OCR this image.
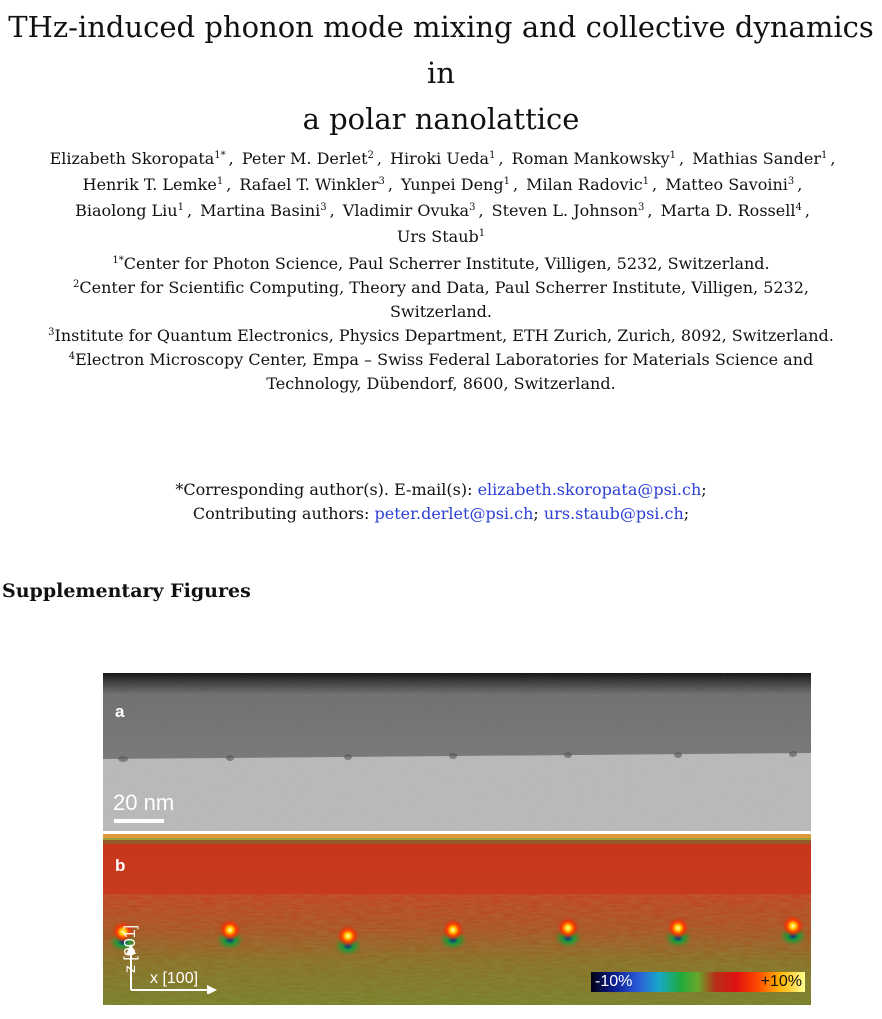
THz-induced phonon mode mixing and collective dynamics in
a polar nanolattice
Elizabeth Skoropata$^{1*}$ , Peter M. Derlet$^2$ , Hiroki Ueda$^1$ , Roman Mankowsky$^1$ , Mathias Sander$^1$ , Henrik T. Lemke$^1$ , Rafael T. Winkler$^3$ , Yunpei Deng$^1$ , Milan Radovic$^1$ , Matteo Savoini$^3$ , Biaolong Liu$^1$ , Martina Basini$^3$ , Vladimir Ovuka$^3$ , Steven L. Johnson$^3$ , Marta D. Rossell$^4$ , Urs Staub$^1$
$^{1*}$Center for Photon Science, Paul Scherrer Institute, Villigen, 5232, Switzerland.
$^2$Center for Scientific Computing, Theory and Data, Paul Scherrer Institute, Villigen, 5232, Switzerland.
$^3$Institute for Quantum Electronics, Physics Department, ETH Zurich, Zurich, 8092, Switzerland.
$^4$Electron Microscopy Center, Empa – Swiss Federal Laboratories for Materials Science and Technology, Dübendorf, 8600, Switzerland.
*Corresponding author(s). E-mail(s): elizabeth.skoropata@psi.ch;
Contributing authors: peter.derlet@psi.ch; urs.staub@psi.ch;
Supplementary Figures
a
20 nm
b
z [001]
x [100]	-10%	+10%
